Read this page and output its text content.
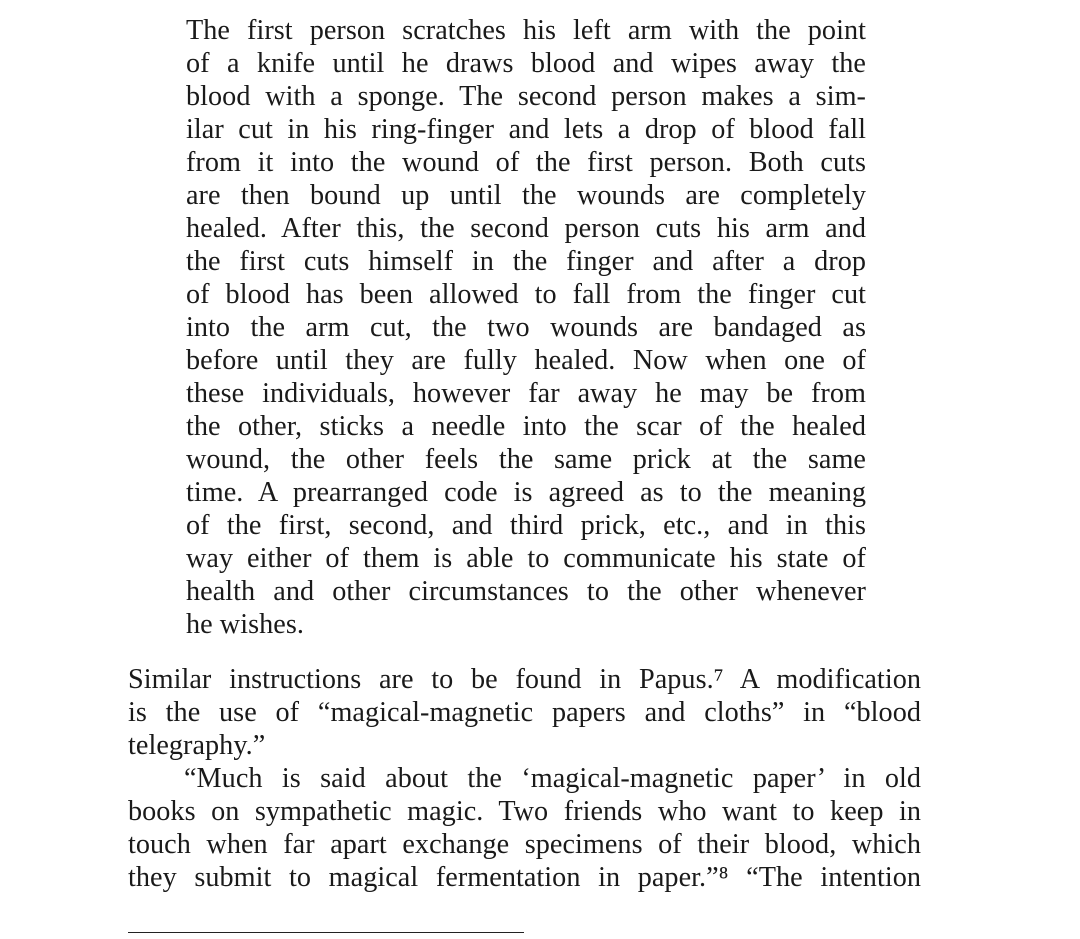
The first person scratches his left arm with the point
of a knife until he draws blood and wipes away the
blood with a sponge. The second person makes a sim-
ilar cut in his ring-finger and lets a drop of blood fall
from it into the wound of the first person. Both cuts
are then bound up until the wounds are completely
healed. After this, the second person cuts his arm and
the first cuts himself in the finger and after a drop
of blood has been allowed to fall from the finger cut
into the arm cut, the two wounds are bandaged as
before until they are fully healed. Now when one of
these individuals, however far away he may be from
the other, sticks a needle into the scar of the healed
wound, the other feels the same prick at the same
time. A prearranged code is agreed as to the meaning
of the first, second, and third prick, etc., and in this
way either of them is able to communicate his state of
health and other circumstances to the other whenever
he wishes.
Similar instructions are to be found in Papus.⁷ A modification
is the use of “magical-magnetic papers and cloths” in “blood
telegraphy.”
“Much is said about the ‘magical-magnetic paper’ in old
books on sympathetic magic. Two friends who want to keep in
touch when far apart exchange specimens of their blood, which
they submit to magical fermentation in paper.”⁸ “The intention
